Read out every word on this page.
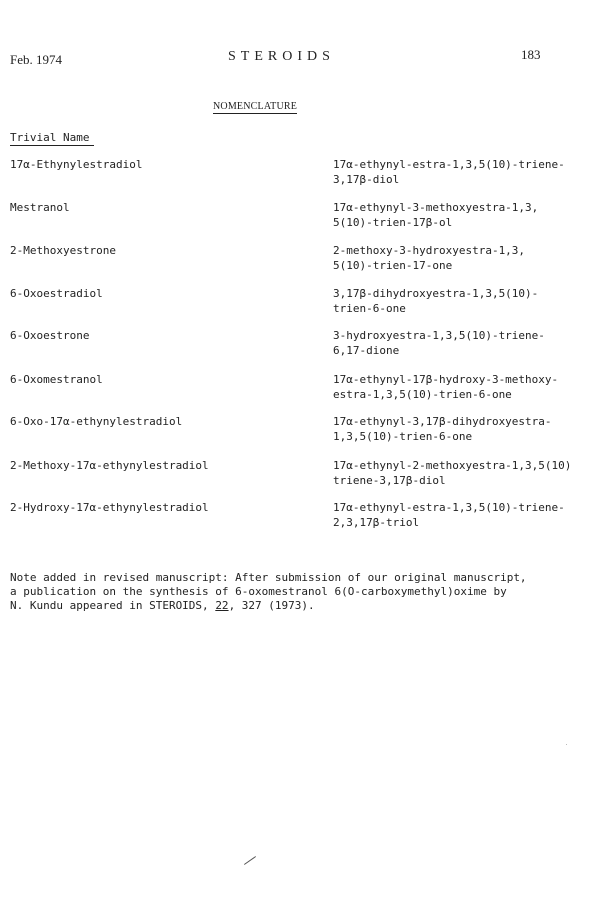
Feb. 1974	STEROIDS	183
NOMENCLATURE
Trivial Name
17α-Ethynylestradiol	17α-ethynyl-estra-1,3,5(10)-triene-
3,17β-diol
Mestranol	17α-ethynyl-3-methoxyestra-1,3,
5(10)-trien-17β-ol
2-Methoxyestrone	2-methoxy-3-hydroxyestra-1,3,
5(10)-trien-17-one
6-Oxoestradiol	3,17β-dihydroxyestra-1,3,5(10)-
trien-6-one
6-Oxoestrone	3-hydroxyestra-1,3,5(10)-triene-
6,17-dione
6-Oxomestranol	17α-ethynyl-17β-hydroxy-3-methoxy-
estra-1,3,5(10)-trien-6-one
6-Oxo-17α-ethynylestradiol	17α-ethynyl-3,17β-dihydroxyestra-
1,3,5(10)-trien-6-one
2-Methoxy-17α-ethynylestradiol	17α-ethynyl-2-methoxyestra-1,3,5(10)
triene-3,17β-diol
2-Hydroxy-17α-ethynylestradiol	17α-ethynyl-estra-1,3,5(10)-triene-
2,3,17β-triol
Note added in revised manuscript: After submission of our original manuscript,
a publication on the synthesis of 6-oxomestranol 6(O-carboxymethyl)oxime by
N. Kundu appeared in STEROIDS, 22, 327 (1973).
